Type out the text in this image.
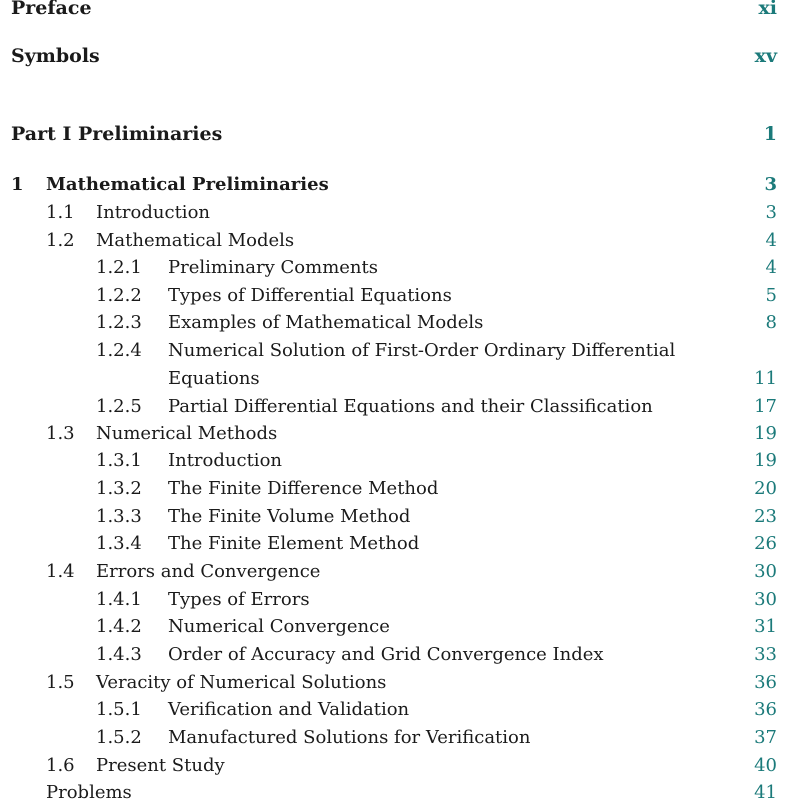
Preface	xi
Symbols	xv
Part I Preliminaries	1
1 Mathematical Preliminaries	3
1.1 Introduction	3
1.2 Mathematical Models	4
1.2.1 Preliminary Comments	4
1.2.2 Types of Differential Equations	5
1.2.3 Examples of Mathematical Models	8
1.2.4 Numerical Solution of First-Order Ordinary Differential
Equations	11
1.2.5 Partial Differential Equations and their Classification	17
1.3 Numerical Methods	19
1.3.1 Introduction	19
1.3.2 The Finite Difference Method	20
1.3.3 The Finite Volume Method	23
1.3.4 The Finite Element Method	26
1.4 Errors and Convergence	30
1.4.1 Types of Errors	30
1.4.2 Numerical Convergence	31
1.4.3 Order of Accuracy and Grid Convergence Index	33
1.5 Veracity of Numerical Solutions	36
1.5.1 Verification and Validation	36
1.5.2 Manufactured Solutions for Verification	37
1.6 Present Study	40
Problems	41
